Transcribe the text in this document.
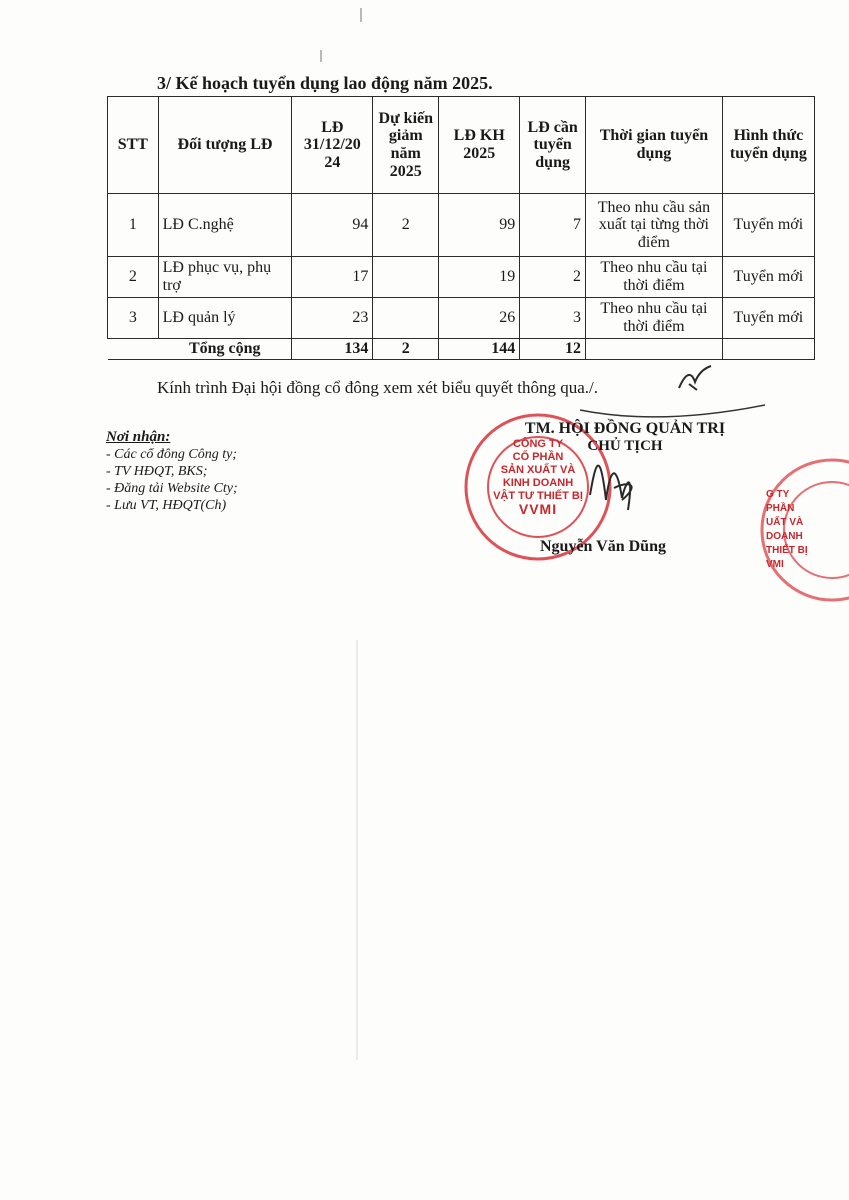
3/ Kế hoạch tuyển dụng lao động năm 2025.
STT	Đối tượng LĐ	LĐ 31/12/20 24	Dự kiến giảm năm 2025	LĐ KH 2025	LĐ cần tuyển dụng	Thời gian tuyển dụng	Hình thức tuyển dụng
1	LĐ C.nghệ	94	2	99	7	Theo nhu cầu sản xuất tại từng thời điểm	Tuyển mới
2	LĐ phục vụ, phụ trợ	17		19	2	Theo nhu cầu tại thời điểm	Tuyển mới
3	LĐ quản lý	23		26	3	Theo nhu cầu tại thời điểm	Tuyển mới
	Tổng cộng	134	2	144	12		
Kính trình Đại hội đồng cổ đông xem xét biểu quyết thông qua./.
Nơi nhận:
- Các cổ đông Công ty;
- TV HĐQT, BKS;
- Đăng tải Website Cty;
- Lưu VT, HĐQT(Ch)
CÔNG TY
CỔ PHẦN
SẢN XUẤT VÀ
KINH DOANH
VẬT TƯ THIẾT BỊ
VVMI
G TY
PHẦN
UẤT VÀ
DOANH
THIẾT BỊ
VMI
TM. HỘI ĐỒNG QUẢN TRỊ
CHỦ TỊCH
Nguyễn Văn Dũng
